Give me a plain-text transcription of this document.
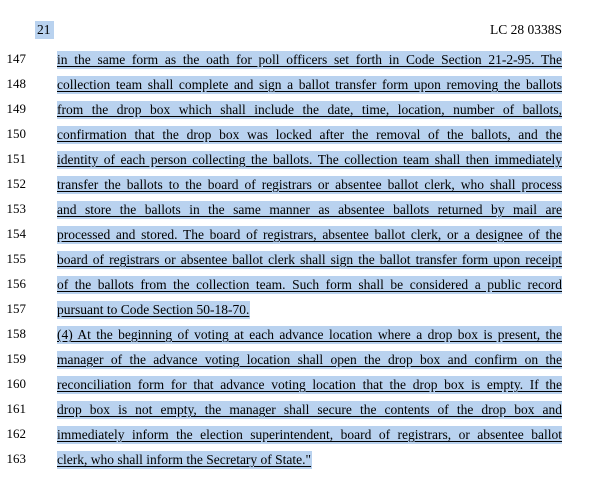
21	LC 28 0338S
147 in the same form as the oath for poll officers set forth in Code Section 21-2-95. The
148 collection team shall complete and sign a ballot transfer form upon removing the ballots
149 from the drop box which shall include the date, time, location, number of ballots,
150 confirmation that the drop box was locked after the removal of the ballots, and the
151 identity of each person collecting the ballots. The collection team shall then immediately
152 transfer the ballots to the board of registrars or absentee ballot clerk, who shall process
153 and store the ballots in the same manner as absentee ballots returned by mail are
154 processed and stored. The board of registrars, absentee ballot clerk, or a designee of the
155 board of registrars or absentee ballot clerk shall sign the ballot transfer form upon receipt
156 of the ballots from the collection team. Such form shall be considered a public record
157 pursuant to Code Section 50-18-70.
158 (4) At the beginning of voting at each advance location where a drop box is present, the
159 manager of the advance voting location shall open the drop box and confirm on the
160 reconciliation form for that advance voting location that the drop box is empty. If the
161 drop box is not empty, the manager shall secure the contents of the drop box and
162 immediately inform the election superintendent, board of registrars, or absentee ballot
163 clerk, who shall inform the Secretary of State."
